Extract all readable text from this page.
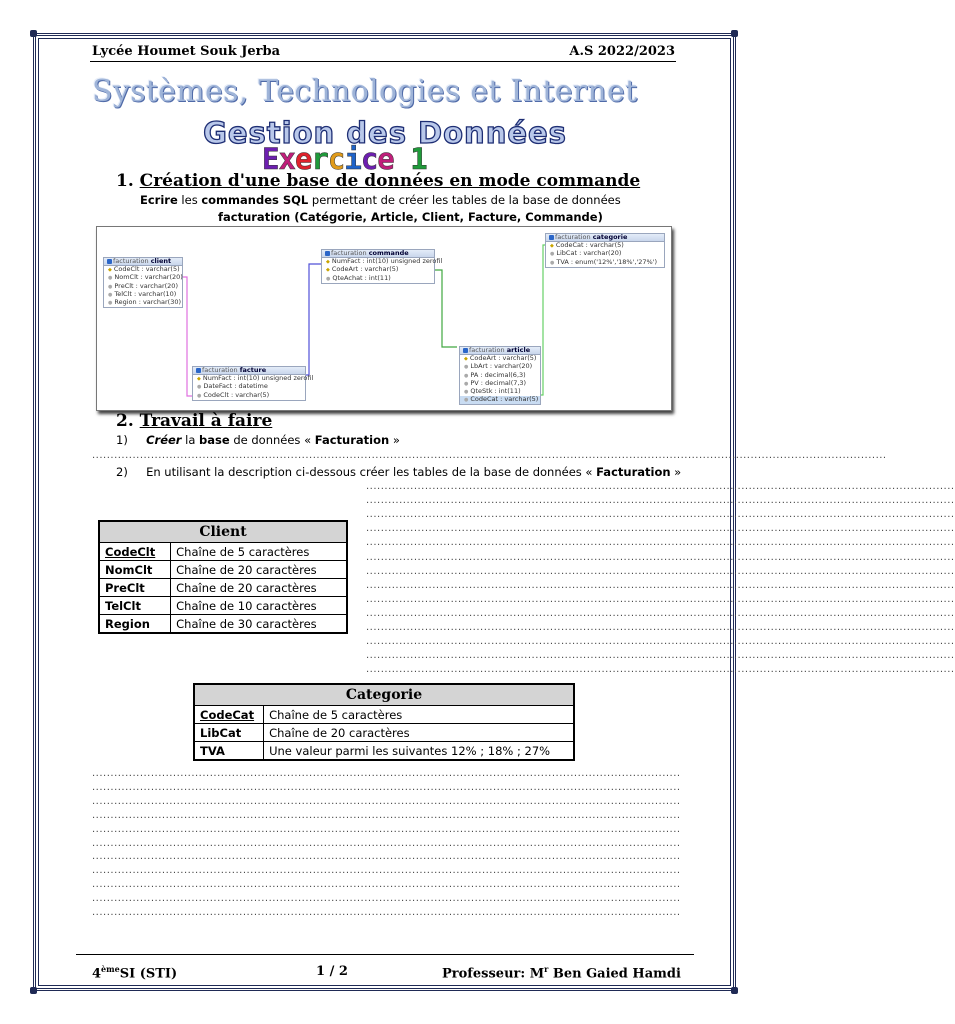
Lycée Houmet Souk Jerba	A.S 2022/2023
Systèmes, Technologies et Internet
Gestion des Données
Exercice 1
1. Création d'une base de données en mode commande
Ecrire les commandes SQL permettant de créer les tables de la base de données
facturation (Catégorie, Article, Client, Facture, Commande)
facturation client
◆ CodeClt : varchar(5)
● NomClt : varchar(20)
● PreClt : varchar(20)
● TelClt : varchar(10)
● Region : varchar(30)
facturation commande
◆ NumFact : int(10) unsigned zerofil
◆ CodeArt : varchar(5)
● QteAchat : int(11)
facturation categorie
◆ CodeCat : varchar(5)
● LibCat : varchar(20)
● TVA : enum('12%','18%','27%')
facturation facture
◆ NumFact : int(10) unsigned zerofil
● DateFact : datetime
● CodeClt : varchar(5)
facturation article
◆ CodeArt : varchar(5)
● LbArt : varchar(20)
● PA : decimal(6,3)
● PV : decimal(7,3)
● QteStk : int(11)
● CodeCat : varchar(5)
2. Travail à faire
1) Créer la base de données « Facturation »
........................................................................................................................................................................................................................
2) En utilisant la description ci-dessous créer les tables de la base de données « Facturation »
................................................................................................................................................................
................................................................................................................................................................
................................................................................................................................................................
................................................................................................................................................................
................................................................................................................................................................
................................................................................................................................................................
................................................................................................................................................................
................................................................................................................................................................
................................................................................................................................................................
................................................................................................................................................................
................................................................................................................................................................
................................................................................................................................................................
................................................................................................................................................................
................................................................................................................................................................
Client	
CodeClt	Chaîne de 5 caractères
NomClt	Chaîne de 20 caractères
PreClt	Chaîne de 20 caractères
TelClt	Chaîne de 10 caractères
Region	Chaîne de 30 caractères
Categorie	
CodeCat	Chaîne de 5 caractères
LibCat	Chaîne de 20 caractères
TVA	Une valeur parmi les suivantes 12% ; 18% ; 27%
................................................................................................................................................................
................................................................................................................................................................
................................................................................................................................................................
................................................................................................................................................................
................................................................................................................................................................
................................................................................................................................................................
................................................................................................................................................................
................................................................................................................................................................
................................................................................................................................................................
................................................................................................................................................................
................................................................................................................................................................
4èmeSI (STI)	1 / 2	Professeur: $M^r$ Ben Gaied Hamdi
